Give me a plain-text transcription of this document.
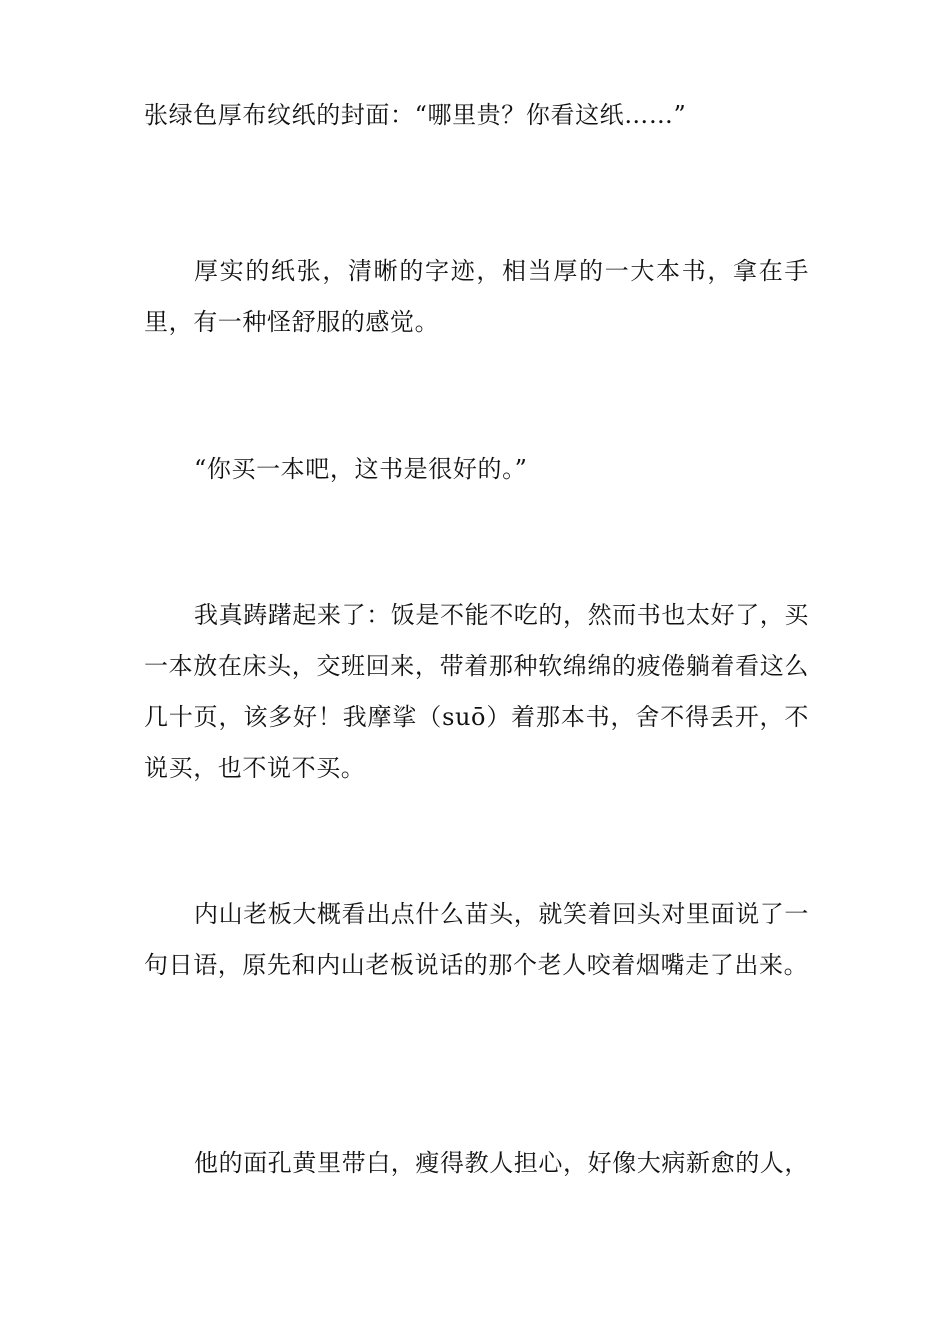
张绿色厚布纹纸的封面：“哪里贵？你看这纸……”

厚实的纸张，清晰的字迹，相当厚的一大本书，拿在手里，有一种怪舒服的感觉。

“你买一本吧，这书是很好的。”

我真踌躇起来了：饭是不能不吃的，然而书也太好了，买一本放在床头，交班回来，带着那种软绵绵的疲倦躺着看这么几十页，该多好！我摩挲（suō）着那本书，舍不得丢开，不说买，也不说不买。

内山老板大概看出点什么苗头，就笑着回头对里面说了一句日语，原先和内山老板说话的那个老人咬着烟嘴走了出来。

他的面孔黄里带白，瘦得教人担心，好像大病新愈的人，
